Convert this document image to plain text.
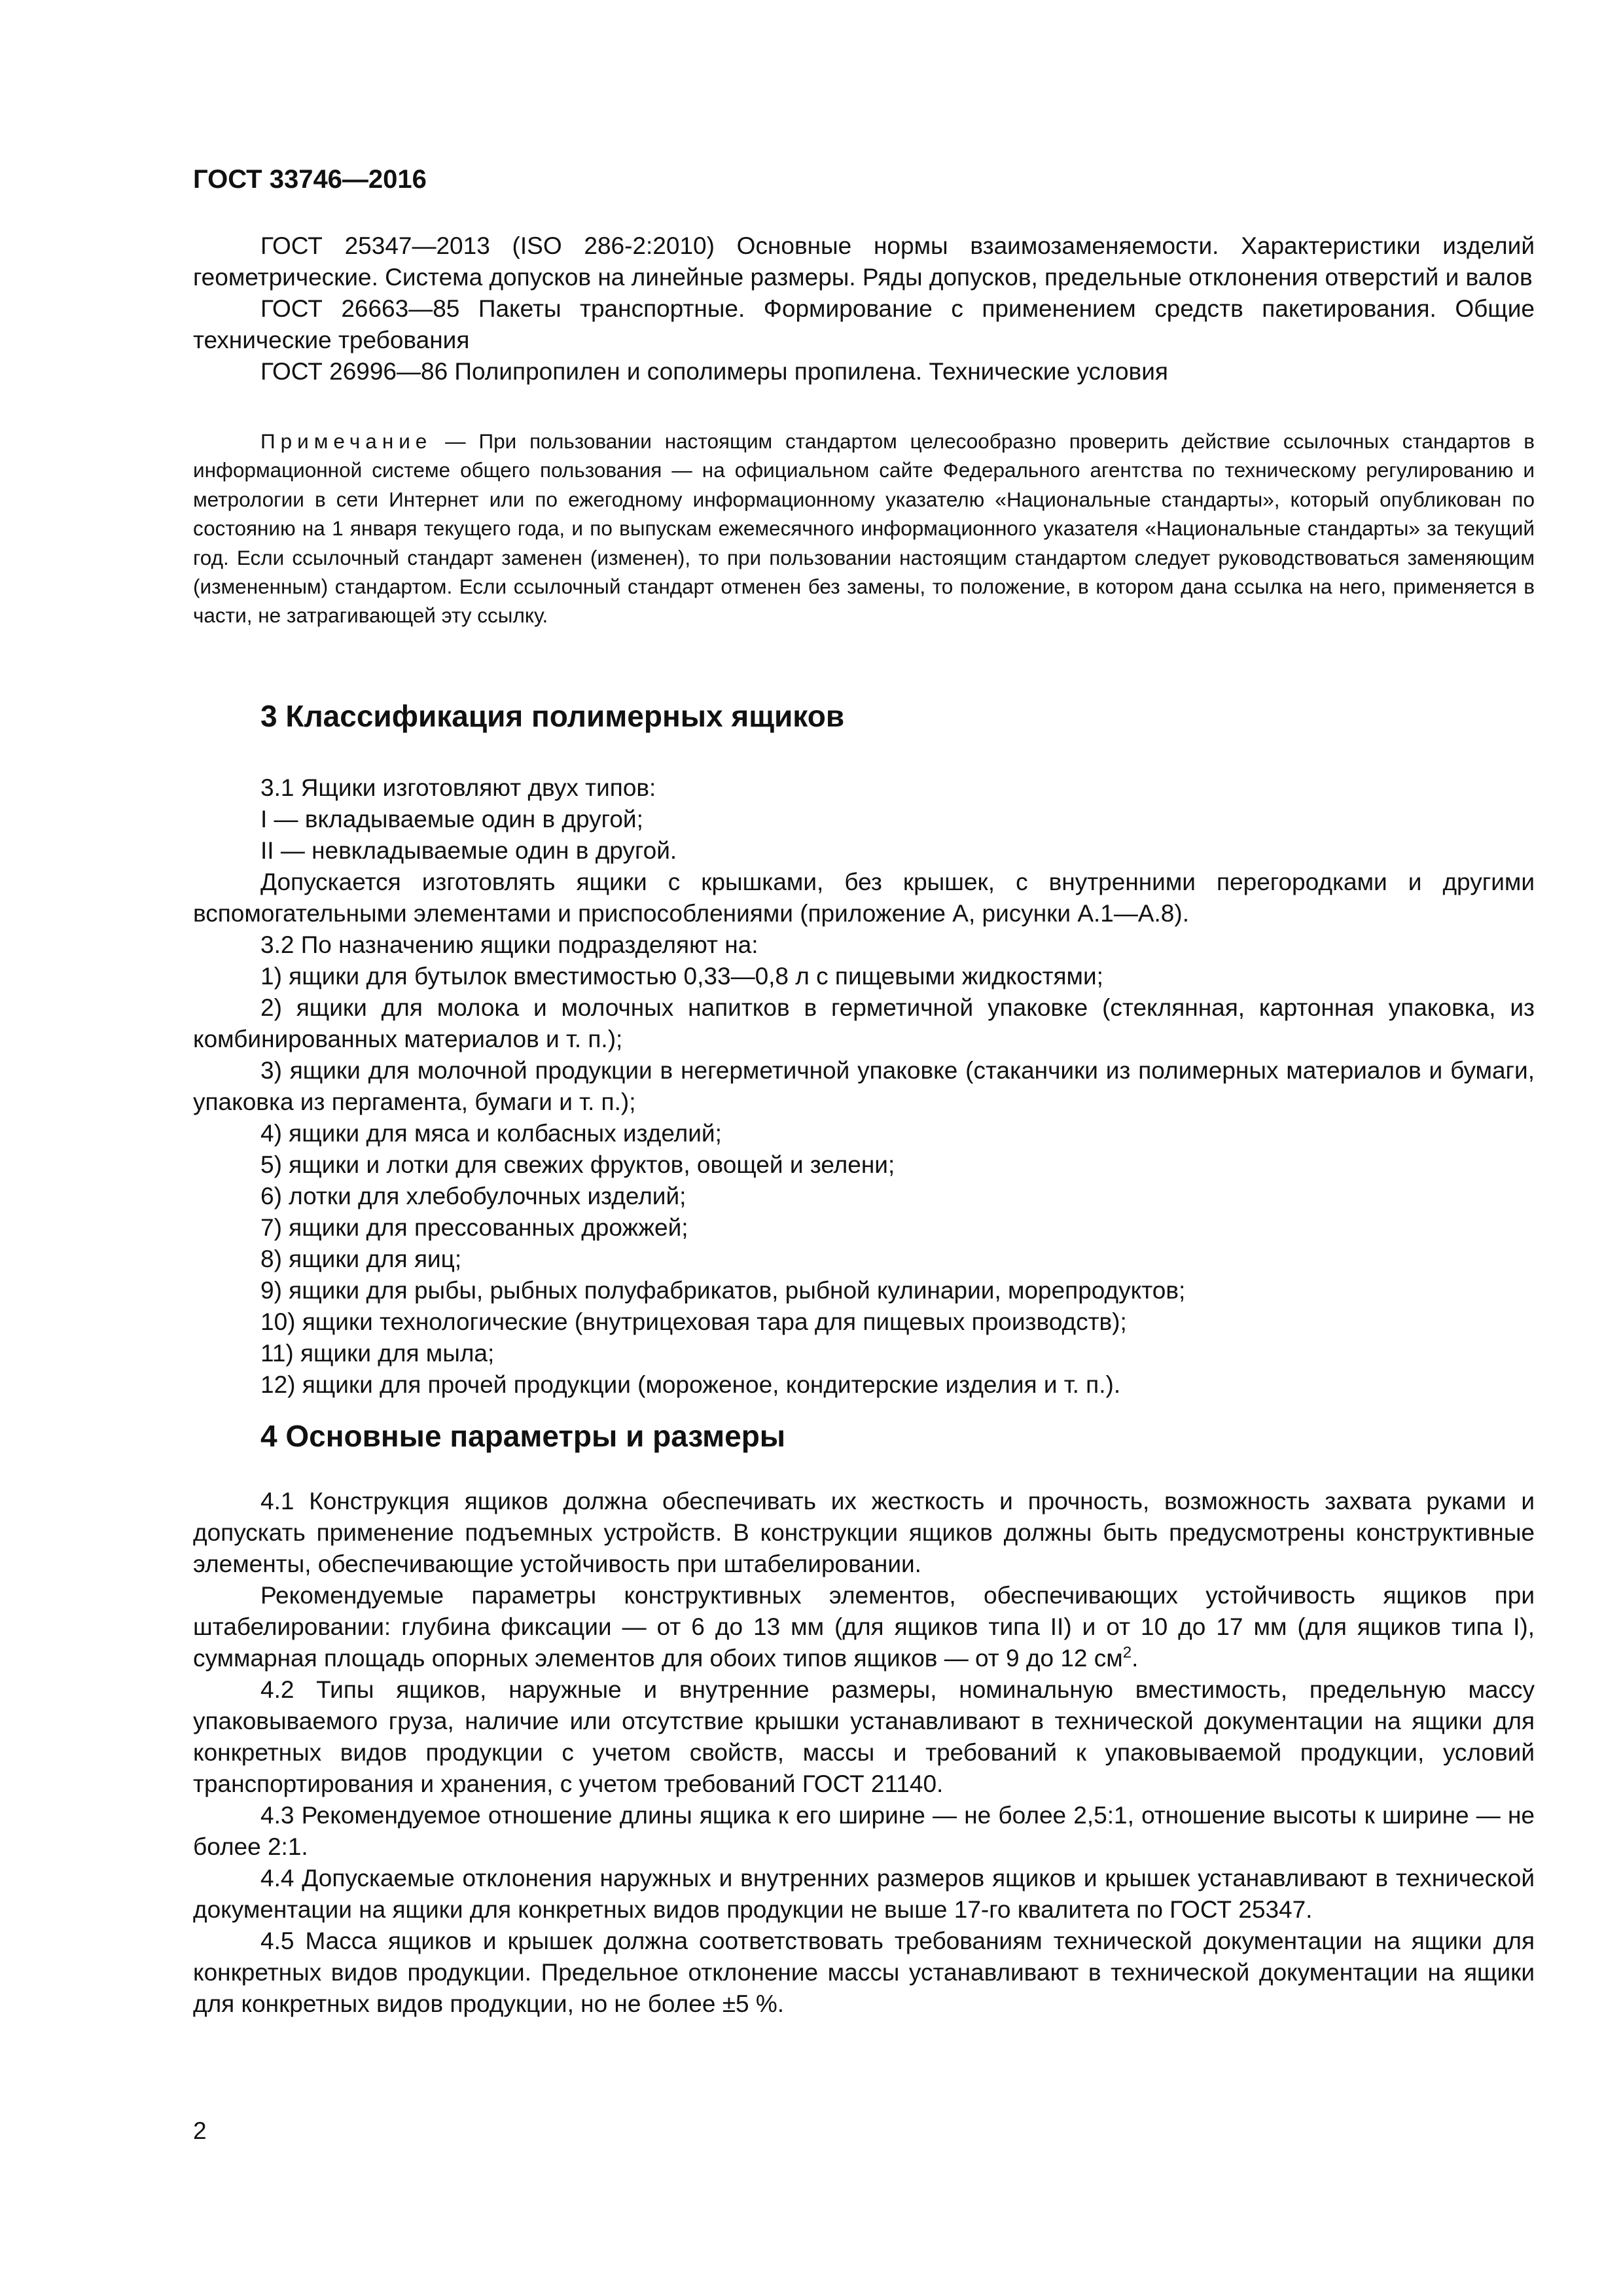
ГОСТ 33746—2016

ГОСТ 25347—2013 (ISO 286-2:2010) Основные нормы взаимозаменяемости. Характеристики изделий геометрические. Система допусков на линейные размеры. Ряды допусков, предельные отклонения отверстий и валов

ГОСТ 26663—85 Пакеты транспортные. Формирование с применением средств пакетирования. Общие технические требования

ГОСТ 26996—86 Полипропилен и сополимеры пропилена. Технические условия

Примечание — При пользовании настоящим стандартом целесообразно проверить действие ссылочных стандартов в информационной системе общего пользования — на официальном сайте Федерального агентства по техническому регулированию и метрологии в сети Интернет или по ежегодному информационному указателю «Национальные стандарты», который опубликован по состоянию на 1 января текущего года, и по выпускам ежемесячного информационного указателя «Национальные стандарты» за текущий год. Если ссылочный стандарт заменен (изменен), то при пользовании настоящим стандартом следует руководствоваться заменяющим (измененным) стандартом. Если ссылочный стандарт отменен без замены, то положение, в котором дана ссылка на него, применяется в части, не затрагивающей эту ссылку.
3 Классификация полимерных ящиков

3.1 Ящики изготовляют двух типов:

I — вкладываемые один в другой;

II — невкладываемые один в другой.

Допускается изготовлять ящики с крышками, без крышек, с внутренними перегородками и другими вспомогательными элементами и приспособлениями (приложение А, рисунки А.1—А.8).

3.2 По назначению ящики подразделяют на:

1) ящики для бутылок вместимостью 0,33—0,8 л с пищевыми жидкостями;

2) ящики для молока и молочных напитков в герметичной упаковке (стеклянная, картонная упаковка, из комбинированных материалов и т. п.);

3) ящики для молочной продукции в негерметичной упаковке (стаканчики из полимерных материалов и бумаги, упаковка из пергамента, бумаги и т. п.);

4) ящики для мяса и колбасных изделий;

5) ящики и лотки для свежих фруктов, овощей и зелени;

6) лотки для хлебобулочных изделий;

7) ящики для прессованных дрожжей;

8) ящики для яиц;

9) ящики для рыбы, рыбных полуфабрикатов, рыбной кулинарии, морепродуктов;

10) ящики технологические (внутрицеховая тара для пищевых производств);

11) ящики для мыла;

12) ящики для прочей продукции (мороженое, кондитерские изделия и т. п.).

4 Основные параметры и размеры

4.1 Конструкция ящиков должна обеспечивать их жесткость и прочность, возможность захвата руками и допускать применение подъемных устройств. В конструкции ящиков должны быть предусмотрены конструктивные элементы, обеспечивающие устойчивость при штабелировании.

Рекомендуемые параметры конструктивных элементов, обеспечивающих устойчивость ящиков при штабелировании: глубина фиксации — от 6 до 13 мм (для ящиков типа II) и от 10 до 17 мм (для ящиков типа I), суммарная площадь опорных элементов для обоих типов ящиков — от 9 до 12 $см^2$.

4.2 Типы ящиков, наружные и внутренние размеры, номинальную вместимость, предельную массу упаковываемого груза, наличие или отсутствие крышки устанавливают в технической документации на ящики для конкретных видов продукции с учетом свойств, массы и требований к упаковываемой продукции, условий транспортирования и хранения, с учетом требований ГОСТ 21140.

4.3 Рекомендуемое отношение длины ящика к его ширине — не более 2,5:1, отношение высоты к ширине — не более 2:1.

4.4 Допускаемые отклонения наружных и внутренних размеров ящиков и крышек устанавливают в технической документации на ящики для конкретных видов продукции не выше 17-го квалитета по ГОСТ 25347.

4.5 Масса ящиков и крышек должна соответствовать требованиям технической документации на ящики для конкретных видов продукции. Предельное отклонение массы устанавливают в технической документации на ящики для конкретных видов продукции, но не более ±5 %.

2
